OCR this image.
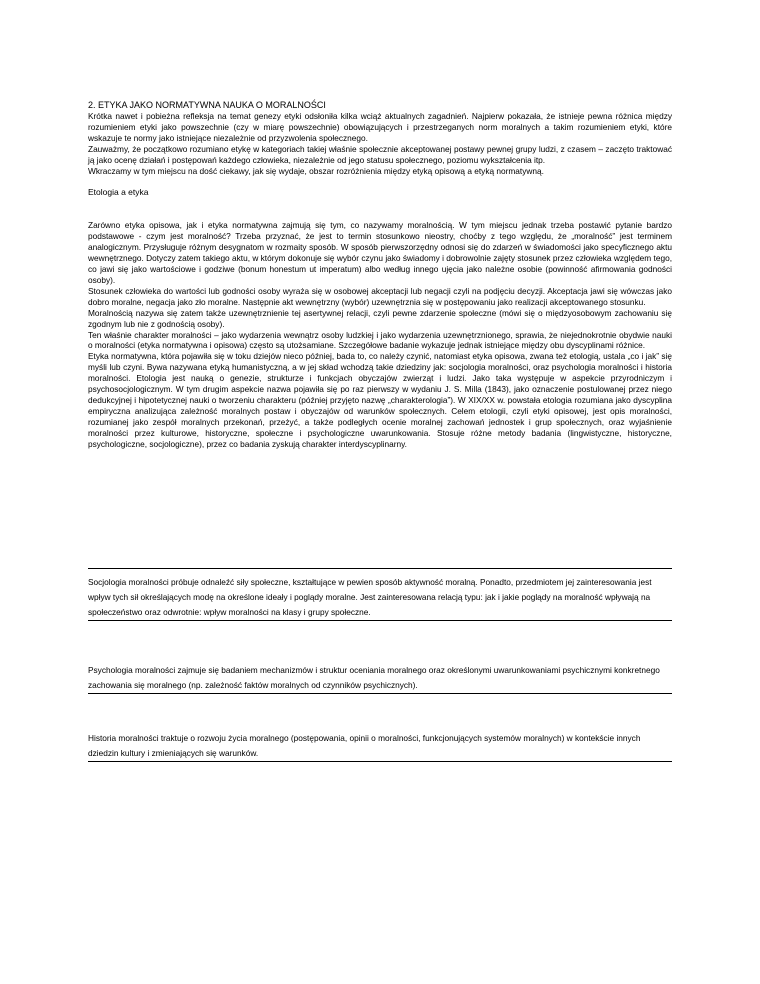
2. ETYKA JAKO NORMATYWNA NAUKA O MORALNOŚCI

Krótka nawet i pobieżna refleksja na temat genezy etyki odsłoniła kilka wciąż aktualnych zagadnień. Najpierw pokazała, że istnieje pewna różnica między rozumieniem etyki jako powszechnie (czy w miarę powszechnie) obowiązujących i przestrzeganych norm moralnych a takim rozumieniem etyki, które wskazuje te normy jako istniejące niezależnie od przyzwolenia społecznego.

Zauważmy, że początkowo rozumiano etykę w kategoriach takiej właśnie społecznie akceptowanej postawy pewnej grupy ludzi, z czasem – zaczęto traktować ją jako ocenę działań i postępowań każdego człowieka, niezależnie od jego statusu społecznego, poziomu wykształcenia itp.

Wkraczamy w tym miejscu na dość ciekawy, jak się wydaje, obszar rozróżnienia między etyką opisową a etyką normatywną.

Etologia a etyka

Zarówno etyka opisowa, jak i etyka normatywna zajmują się tym, co nazywamy moralnością. W tym miejscu jednak trzeba postawić pytanie bardzo podstawowe - czym jest moralność? Trzeba przyznać, że jest to termin stosunkowo nieostry, choćby z tego względu, że „moralność” jest terminem analogicznym. Przysługuje różnym desygnatom w rozmaity sposób. W sposób pierwszorzędny odnosi się do zdarzeń w świadomości jako specyficznego aktu wewnętrznego. Dotyczy zatem takiego aktu, w którym dokonuje się wybór czynu jako świadomy i dobrowolnie zajęty stosunek przez człowieka względem tego, co jawi się jako wartościowe i godziwe (bonum honestum ut imperatum) albo według innego ujęcia jako należne osobie (powinność afirmowania godności osoby).

Stosunek człowieka do wartości lub godności osoby wyraża się w osobowej akceptacji lub negacji czyli na podjęciu decyzji. Akceptacja jawi się wówczas jako dobro moralne, negacja jako zło moralne. Następnie akt wewnętrzny (wybór) uzewnętrznia się w postępowaniu jako realizacji akceptowanego stosunku.

Moralnością nazywa się zatem także uzewnętrznienie tej asertywnej relacji, czyli pewne zdarzenie społeczne (mówi się o międzyosobowym zachowaniu się zgodnym lub nie z godnością osoby).

Ten właśnie charakter moralności – jako wydarzenia wewnątrz osoby ludzkiej i jako wydarzenia uzewnętrznionego, sprawia, że niejednokrotnie obydwie nauki o moralności (etyka normatywna i opisowa) często są utożsamiane. Szczegółowe badanie wykazuje jednak istniejące między obu dyscyplinami różnice.

Etyka normatywna, która pojawiła się w toku dziejów nieco później, bada to, co należy czynić, natomiast etyka opisowa, zwana też etologią, ustala „co i jak” się myśli lub czyni. Bywa nazywana etyką humanistyczną, a w jej skład wchodzą takie dziedziny jak: socjologia moralności, oraz psychologia moralności i historia moralności. Etologia jest nauką o genezie, strukturze i funkcjach obyczajów zwierząt i ludzi. Jako taka występuje w aspekcie przyrodniczym i psychosocjologicznym. W tym drugim aspekcie nazwa pojawiła się po raz pierwszy w wydaniu J. S. Milla (1843), jako oznaczenie postulowanej przez niego dedukcyjnej i hipotetycznej nauki o tworzeniu charakteru (później przyjęto nazwę „charakterologia”). W XIX/XX w. powstała etologia rozumiana jako dyscyplina empiryczna analizująca zależność moralnych postaw i obyczajów od warunków społecznych. Celem etologii, czyli etyki opisowej, jest opis moralności, rozumianej jako zespół moralnych przekonań, przeżyć, a także podległych ocenie moralnej zachowań jednostek i grup społecznych, oraz wyjaśnienie moralności przez kulturowe, historyczne, społeczne i psychologiczne uwarunkowania. Stosuje różne metody badania (lingwistyczne, historyczne, psychologiczne, socjologiczne), przez co badania zyskują charakter interdyscyplinarny.

Socjologia moralności próbuje odnaleźć siły społeczne, kształtujące w pewien sposób aktywność moralną. Ponadto, przedmiotem jej zainteresowania jest wpływ tych sił określających modę na określone ideały i poglądy moralne. Jest zainteresowana relacją typu: jak i jakie poglądy na moralność wpływają na społeczeństwo oraz odwrotnie: wpływ moralności na klasy i grupy społeczne.

Psychologia moralności zajmuje się badaniem mechanizmów i struktur oceniania moralnego oraz określonymi uwarunkowaniami psychicznymi konkretnego zachowania się moralnego (np. zależność faktów moralnych od czynników psychicznych).

Historia moralności traktuje o rozwoju życia moralnego (postępowania, opinii o moralności, funkcjonujących systemów moralnych) w kontekście innych dziedzin kultury i zmieniających się warunków.
